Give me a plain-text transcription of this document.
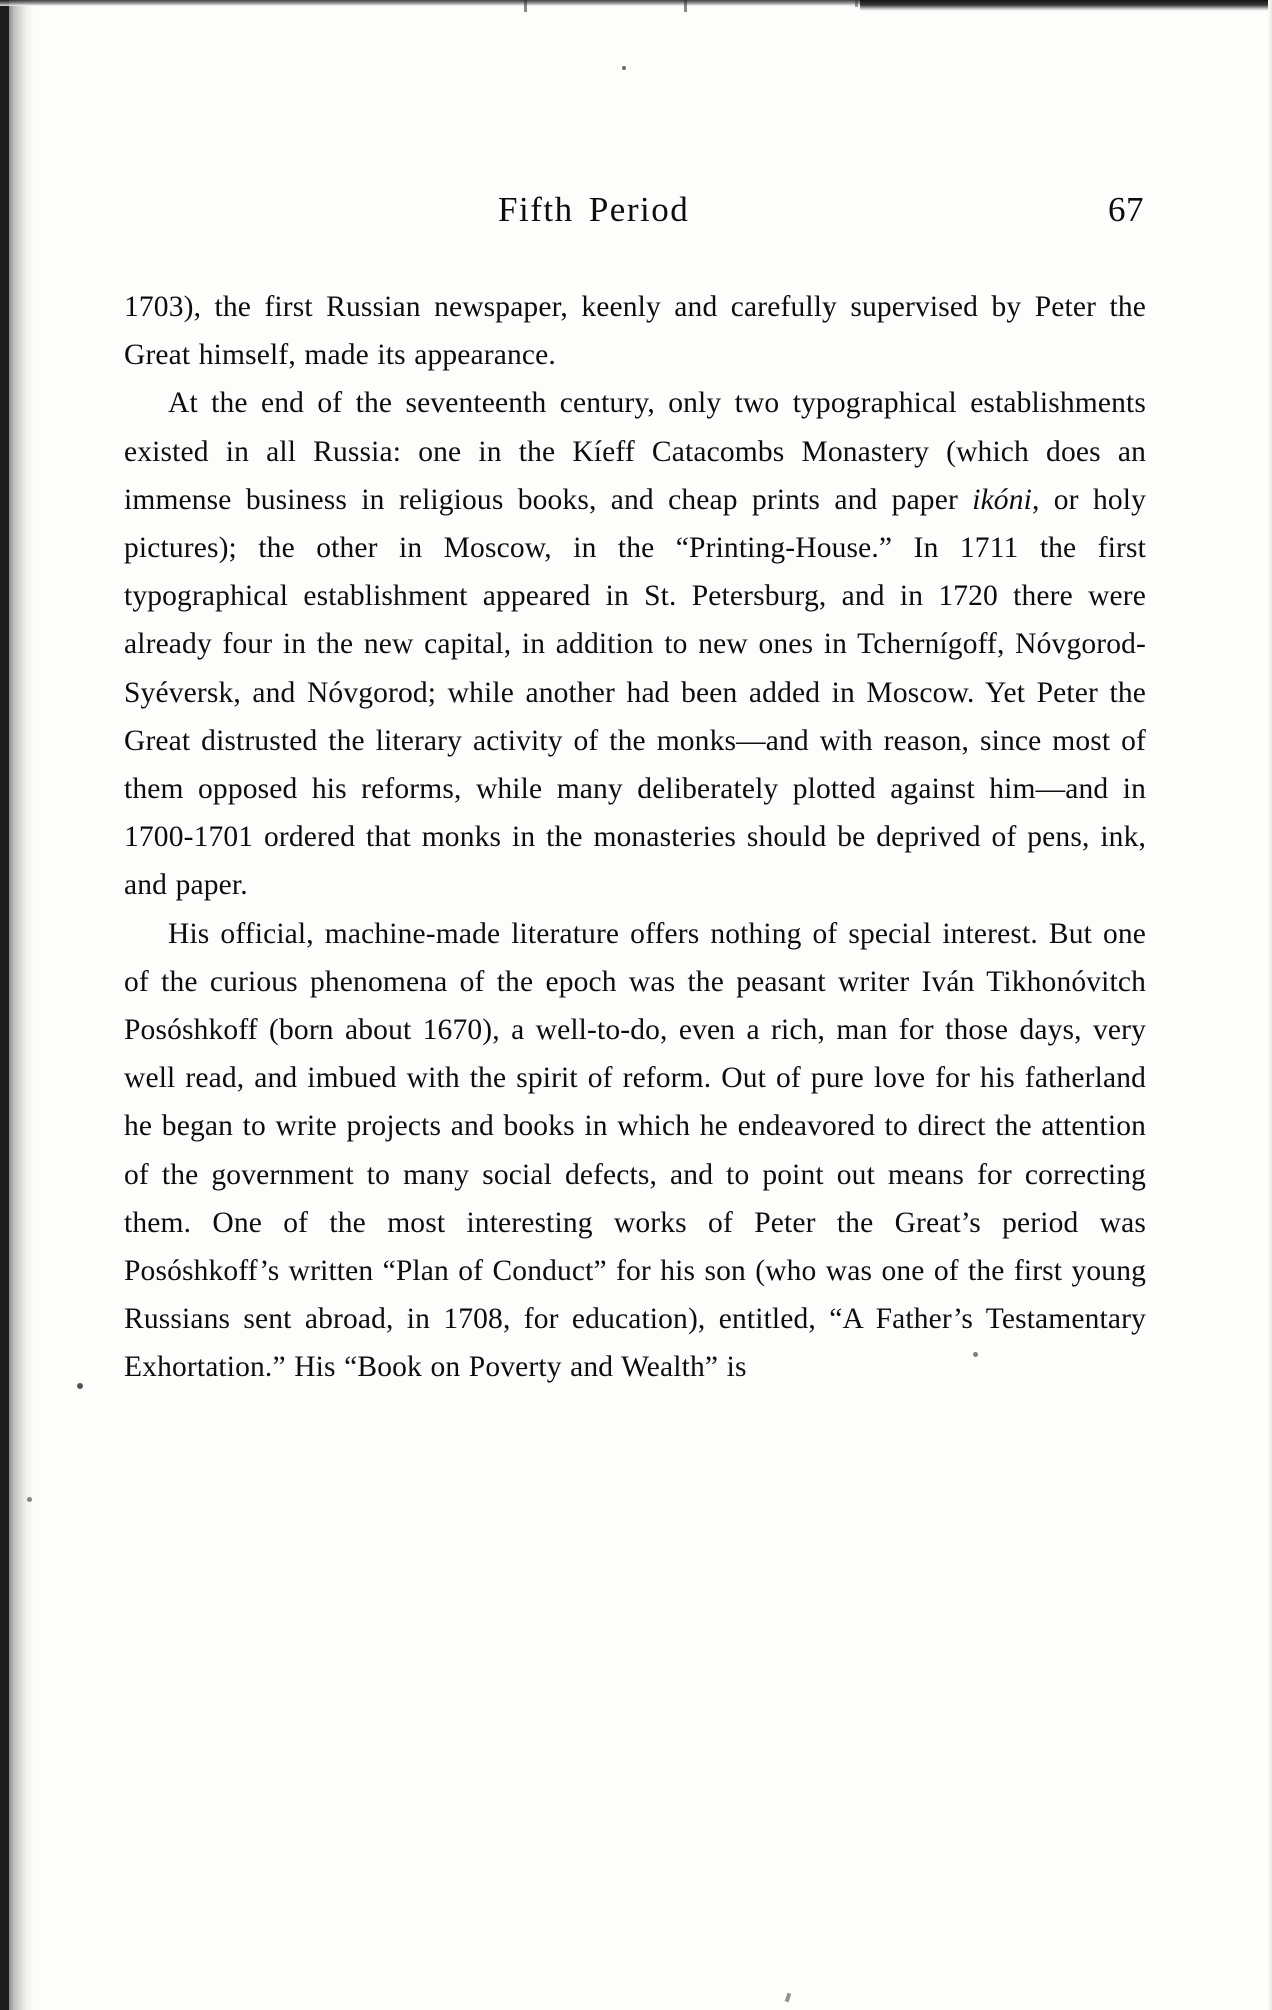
Fifth Period	67

1703), the first Russian newspaper, keenly and carefully supervised by Peter the Great himself, made its appearance.

At the end of the seventeenth century, only two typographical establishments existed in all Russia: one in the Kíeff Catacombs Monastery (which does an immense business in religious books, and cheap prints and paper ikóni, or holy pictures); the other in Moscow, in the “Printing-House.” In 1711 the first typographical establishment appeared in St. Petersburg, and in 1720 there were already four in the new capital, in addition to new ones in Tchernígoff, Nóvgorod-Syéversk, and Nóvgorod; while another had been added in Moscow. Yet Peter the Great distrusted the literary activity of the monks—and with reason, since most of them opposed his reforms, while many deliberately plotted against him—and in 1700-1701 ordered that monks in the monasteries should be deprived of pens, ink, and paper.

His official, machine-made literature offers nothing of special interest. But one of the curious phenomena of the epoch was the peasant writer Iván Tikhonóvitch Posóshkoff (born about 1670), a well-to-do, even a rich, man for those days, very well read, and imbued with the spirit of reform. Out of pure love for his fatherland he began to write projects and books in which he endeavored to direct the attention of the government to many social defects, and to point out means for correcting them. One of the most interesting works of Peter the Great’s period was Posóshkoff’s written “Plan of Conduct” for his son (who was one of the first young Russians sent abroad, in 1708, for education), entitled, “A Father’s Testamentary Exhortation.” His “Book on Poverty and Wealth” is
